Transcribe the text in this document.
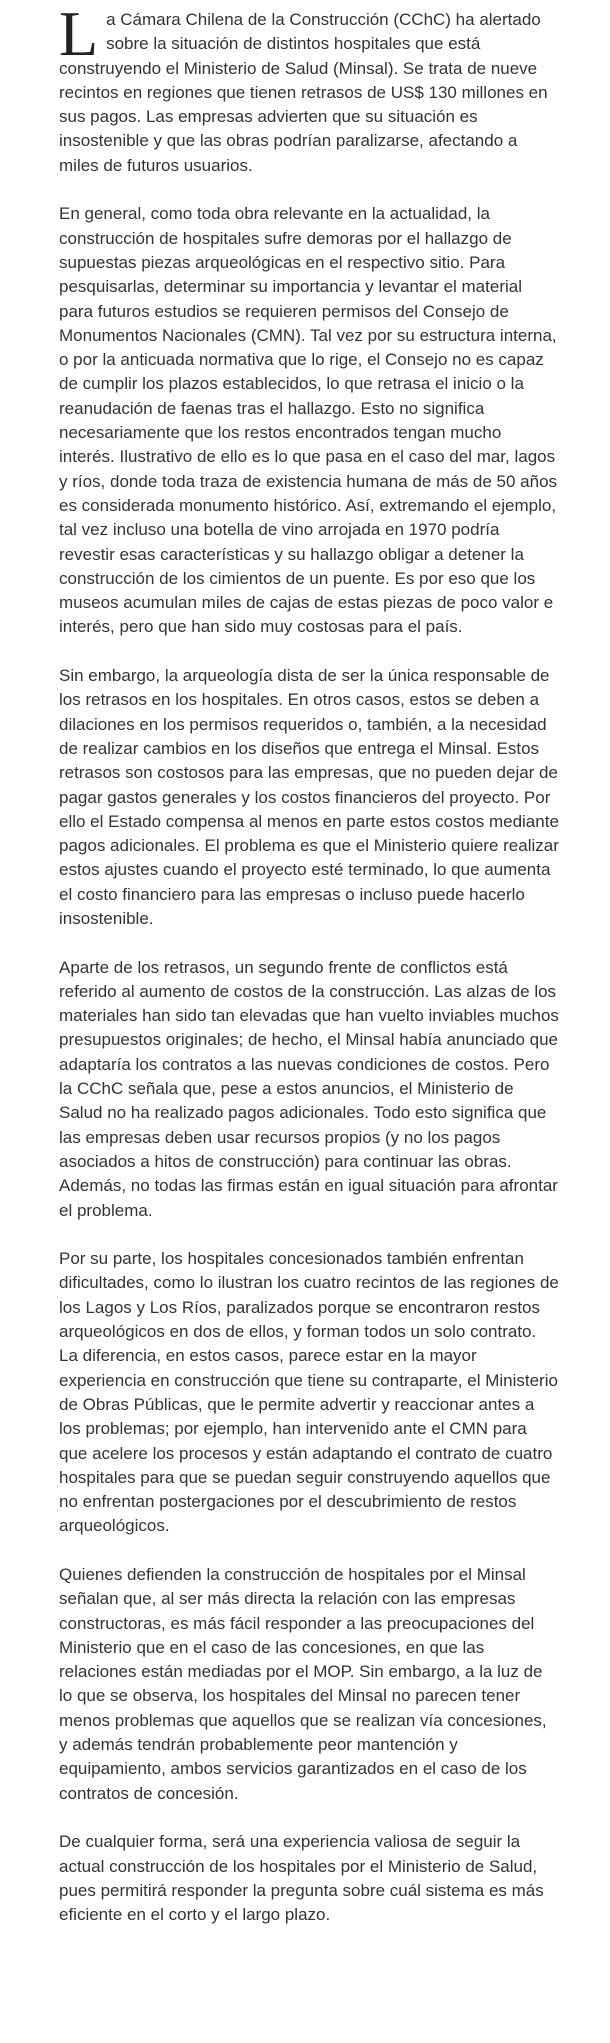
La Cámara Chilena de la Construcción (CChC) ha alertado sobre la situación de distintos hospitales que está construyendo el Ministerio de Salud (Minsal). Se trata de nueve recintos en regiones que tienen retrasos de US$ 130 millones en sus pagos. Las empresas advierten que su situación es insostenible y que las obras podrían paralizarse, afectando a miles de futuros usuarios.

En general, como toda obra relevante en la actualidad, la construcción de hospitales sufre demoras por el hallazgo de supuestas piezas arqueológicas en el respectivo sitio. Para pesquisarlas, determinar su importancia y levantar el material para futuros estudios se requieren permisos del Consejo de Monumentos Nacionales (CMN). Tal vez por su estructura interna, o por la anticuada normativa que lo rige, el Consejo no es capaz de cumplir los plazos establecidos, lo que retrasa el inicio o la reanudación de faenas tras el hallazgo. Esto no significa necesariamente que los restos encontrados tengan mucho interés. Ilustrativo de ello es lo que pasa en el caso del mar, lagos y ríos, donde toda traza de existencia humana de más de 50 años es considerada monumento histórico. Así, extremando el ejemplo, tal vez incluso una botella de vino arrojada en 1970 podría revestir esas características y su hallazgo obligar a detener la construcción de los cimientos de un puente. Es por eso que los museos acumulan miles de cajas de estas piezas de poco valor e interés, pero que han sido muy costosas para el país.

Sin embargo, la arqueología dista de ser la única responsable de los retrasos en los hospitales. En otros casos, estos se deben a dilaciones en los permisos requeridos o, también, a la necesidad de realizar cambios en los diseños que entrega el Minsal. Estos retrasos son costosos para las empresas, que no pueden dejar de pagar gastos generales y los costos financieros del proyecto. Por ello el Estado compensa al menos en parte estos costos mediante pagos adicionales. El problema es que el Ministerio quiere realizar estos ajustes cuando el proyecto esté terminado, lo que aumenta el costo financiero para las empresas o incluso puede hacerlo insostenible.

Aparte de los retrasos, un segundo frente de conflictos está referido al aumento de costos de la construcción. Las alzas de los materiales han sido tan elevadas que han vuelto inviables muchos presupuestos originales; de hecho, el Minsal había anunciado que adaptaría los contratos a las nuevas condiciones de costos. Pero la CChC señala que, pese a estos anuncios, el Ministerio de Salud no ha realizado pagos adicionales. Todo esto significa que las empresas deben usar recursos propios (y no los pagos asociados a hitos de construcción) para continuar las obras. Además, no todas las firmas están en igual situación para afrontar el problema.

Por su parte, los hospitales concesionados también enfrentan dificultades, como lo ilustran los cuatro recintos de las regiones de los Lagos y Los Ríos, paralizados porque se encontraron restos arqueológicos en dos de ellos, y forman todos un solo contrato. La diferencia, en estos casos, parece estar en la mayor experiencia en construcción que tiene su contraparte, el Ministerio de Obras Públicas, que le permite advertir y reaccionar antes a los problemas; por ejemplo, han intervenido ante el CMN para que acelere los procesos y están adaptando el contrato de cuatro hospitales para que se puedan seguir construyendo aquellos que no enfrentan postergaciones por el descubrimiento de restos arqueológicos.

Quienes defienden la construcción de hospitales por el Minsal señalan que, al ser más directa la relación con las empresas constructoras, es más fácil responder a las preocupaciones del Ministerio que en el caso de las concesiones, en que las relaciones están mediadas por el MOP. Sin embargo, a la luz de lo que se observa, los hospitales del Minsal no parecen tener menos problemas que aquellos que se realizan vía concesiones, y además tendrán probablemente peor mantención y equipamiento, ambos servicios garantizados en el caso de los contratos de concesión.

De cualquier forma, será una experiencia valiosa de seguir la actual construcción de los hospitales por el Ministerio de Salud, pues permitirá responder la pregunta sobre cuál sistema es más eficiente en el corto y el largo plazo.
